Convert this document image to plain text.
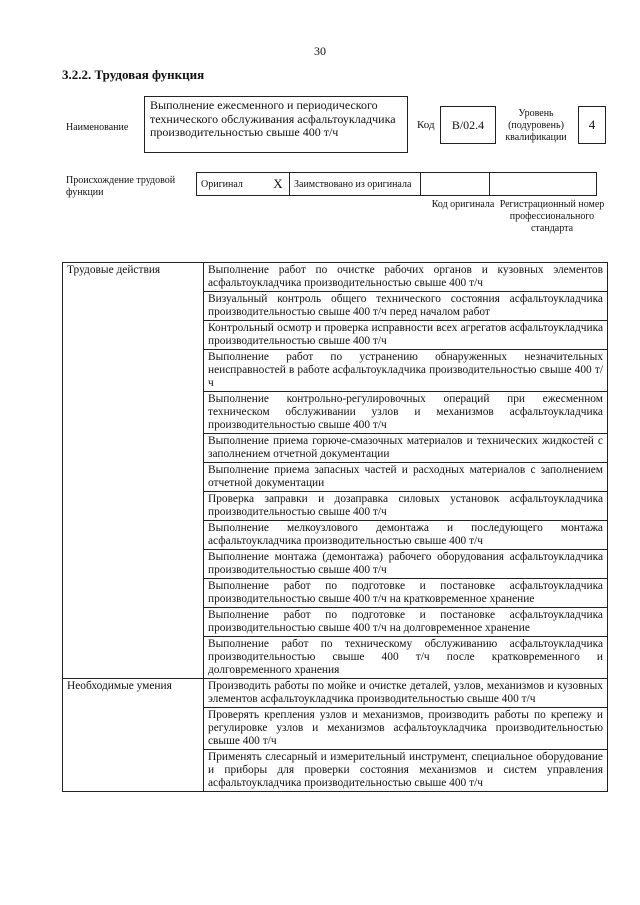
30
3.2.2. Трудовая функция
Наименование
Выполнение ежесменного и периодического технического обслуживания асфальтоукладчика производительностью свыше 400 т/ч	Код	В/02.4
Уровень (подуровень) квалификации
4
Происхождение трудовой функции
Оригинал	X	Заимствовано из оригинала		
Код оригинала Регистрационный номер профессионального стандарта
Трудовые действия	Выполнение работ по очистке рабочих органов и кузовных элементов асфальтоукладчика производительностью свыше 400 т/ч
	Визуальный контроль общего технического состояния асфальтоукладчика производительностью свыше 400 т/ч перед началом работ
	Контрольный осмотр и проверка исправности всех агрегатов асфальтоукладчика производительностью свыше 400 т/ч
	Выполнение работ по устранению обнаруженных незначительных неисправностей в работе асфальтоукладчика производительностью свыше 400 т/ч
	Выполнение контрольно-регулировочных операций при ежесменном техническом обслуживании узлов и механизмов асфальтоукладчика производительностью свыше 400 т/ч
	Выполнение приема горюче-смазочных материалов и технических жидкостей с заполнением отчетной документации
	Выполнение приема запасных частей и расходных материалов с заполнением отчетной документации
	Проверка заправки и дозаправка силовых установок асфальтоукладчика производительностью свыше 400 т/ч
	Выполнение мелкоузлового демонтажа и последующего монтажа асфальтоукладчика производительностью свыше 400 т/ч
	Выполнение монтажа (демонтажа) рабочего оборудования асфальтоукладчика производительностью свыше 400 т/ч
	Выполнение работ по подготовке и постановке асфальтоукладчика производительностью свыше 400 т/ч на кратковременное хранение
	Выполнение работ по подготовке и постановке асфальтоукладчика производительностью свыше 400 т/ч на долговременное хранение
	Выполнение работ по техническому обслуживанию асфальтоукладчика производительностью свыше 400 т/ч после кратковременного и долговременного хранения
Необходимые умения	Производить работы по мойке и очистке деталей, узлов, механизмов и кузовных элементов асфальтоукладчика производительностью свыше 400 т/ч
	Проверять крепления узлов и механизмов, производить работы по крепежу и регулировке узлов и механизмов асфальтоукладчика производительностью свыше 400 т/ч
	Применять слесарный и измерительный инструмент, специальное оборудование и приборы для проверки состояния механизмов и систем управления асфальтоукладчика производительностью свыше 400 т/ч
